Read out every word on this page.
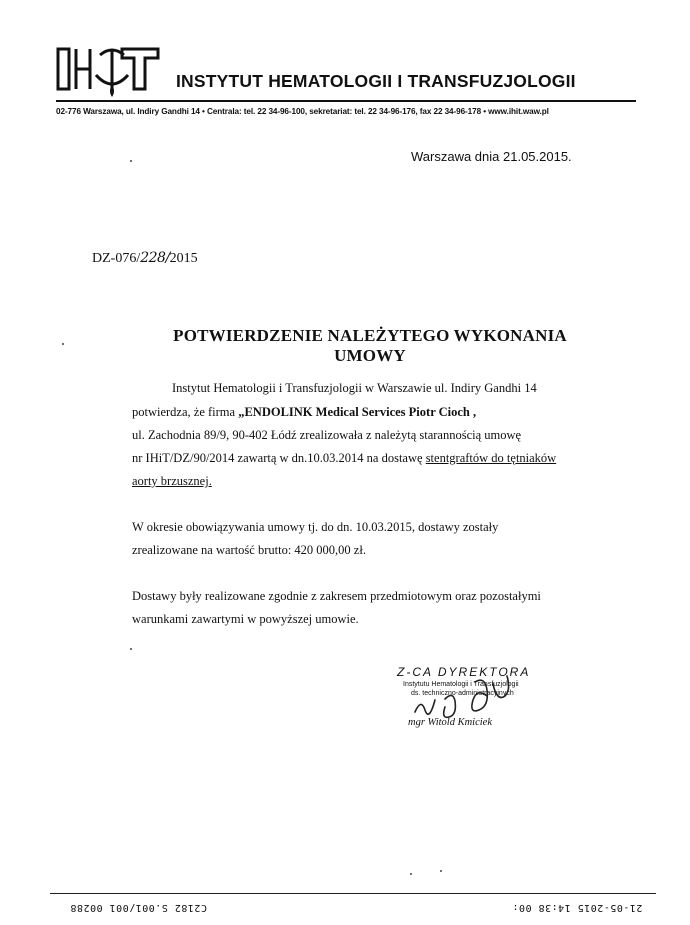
INSTYTUT HEMATOLOGII I TRANSFUZJOLOGII
02-776 Warszawa, ul. Indiry Gandhi 14 • Centrala: tel. 22 34-96-100, sekretariat: tel. 22 34-96-176, fax 22 34-96-178 • www.ihit.waw.pl
Warszawa dnia 21.05.2015.
DZ-076/228/2015
POTWIERDZENIE NALEŻYTEGO WYKONANIA
UMOWY
Instytut Hematologii i Transfuzjologii w Warszawie ul. Indiry Gandhi 14
potwierdza, że firma „ENDOLINK Medical Services Piotr Cioch ,
ul. Zachodnia 89/9, 90-402 Łódź zrealizowała z należytą starannością umowę
nr IHiT/DZ/90/2014 zawartą w dn.10.03.2014 na dostawę stentgraftów do tętniaków
aorty brzusznej.
W okresie obowiązywania umowy tj. do dn. 10.03.2015, dostawy zostały
zrealizowane na wartość brutto: 420 000,00 zł.
Dostawy były realizowane zgodnie z zakresem przedmiotowym oraz pozostałymi
warunkami zawartymi w powyższej umowie.
Z-CA DYREKTORA
Instytutu Hematologii i Transfuzjologii
ds. techniczno-administracyjnych
mgr Witold Kmiciek
C2182 S.001/001 00288	21-05-2015 14:38 00:
